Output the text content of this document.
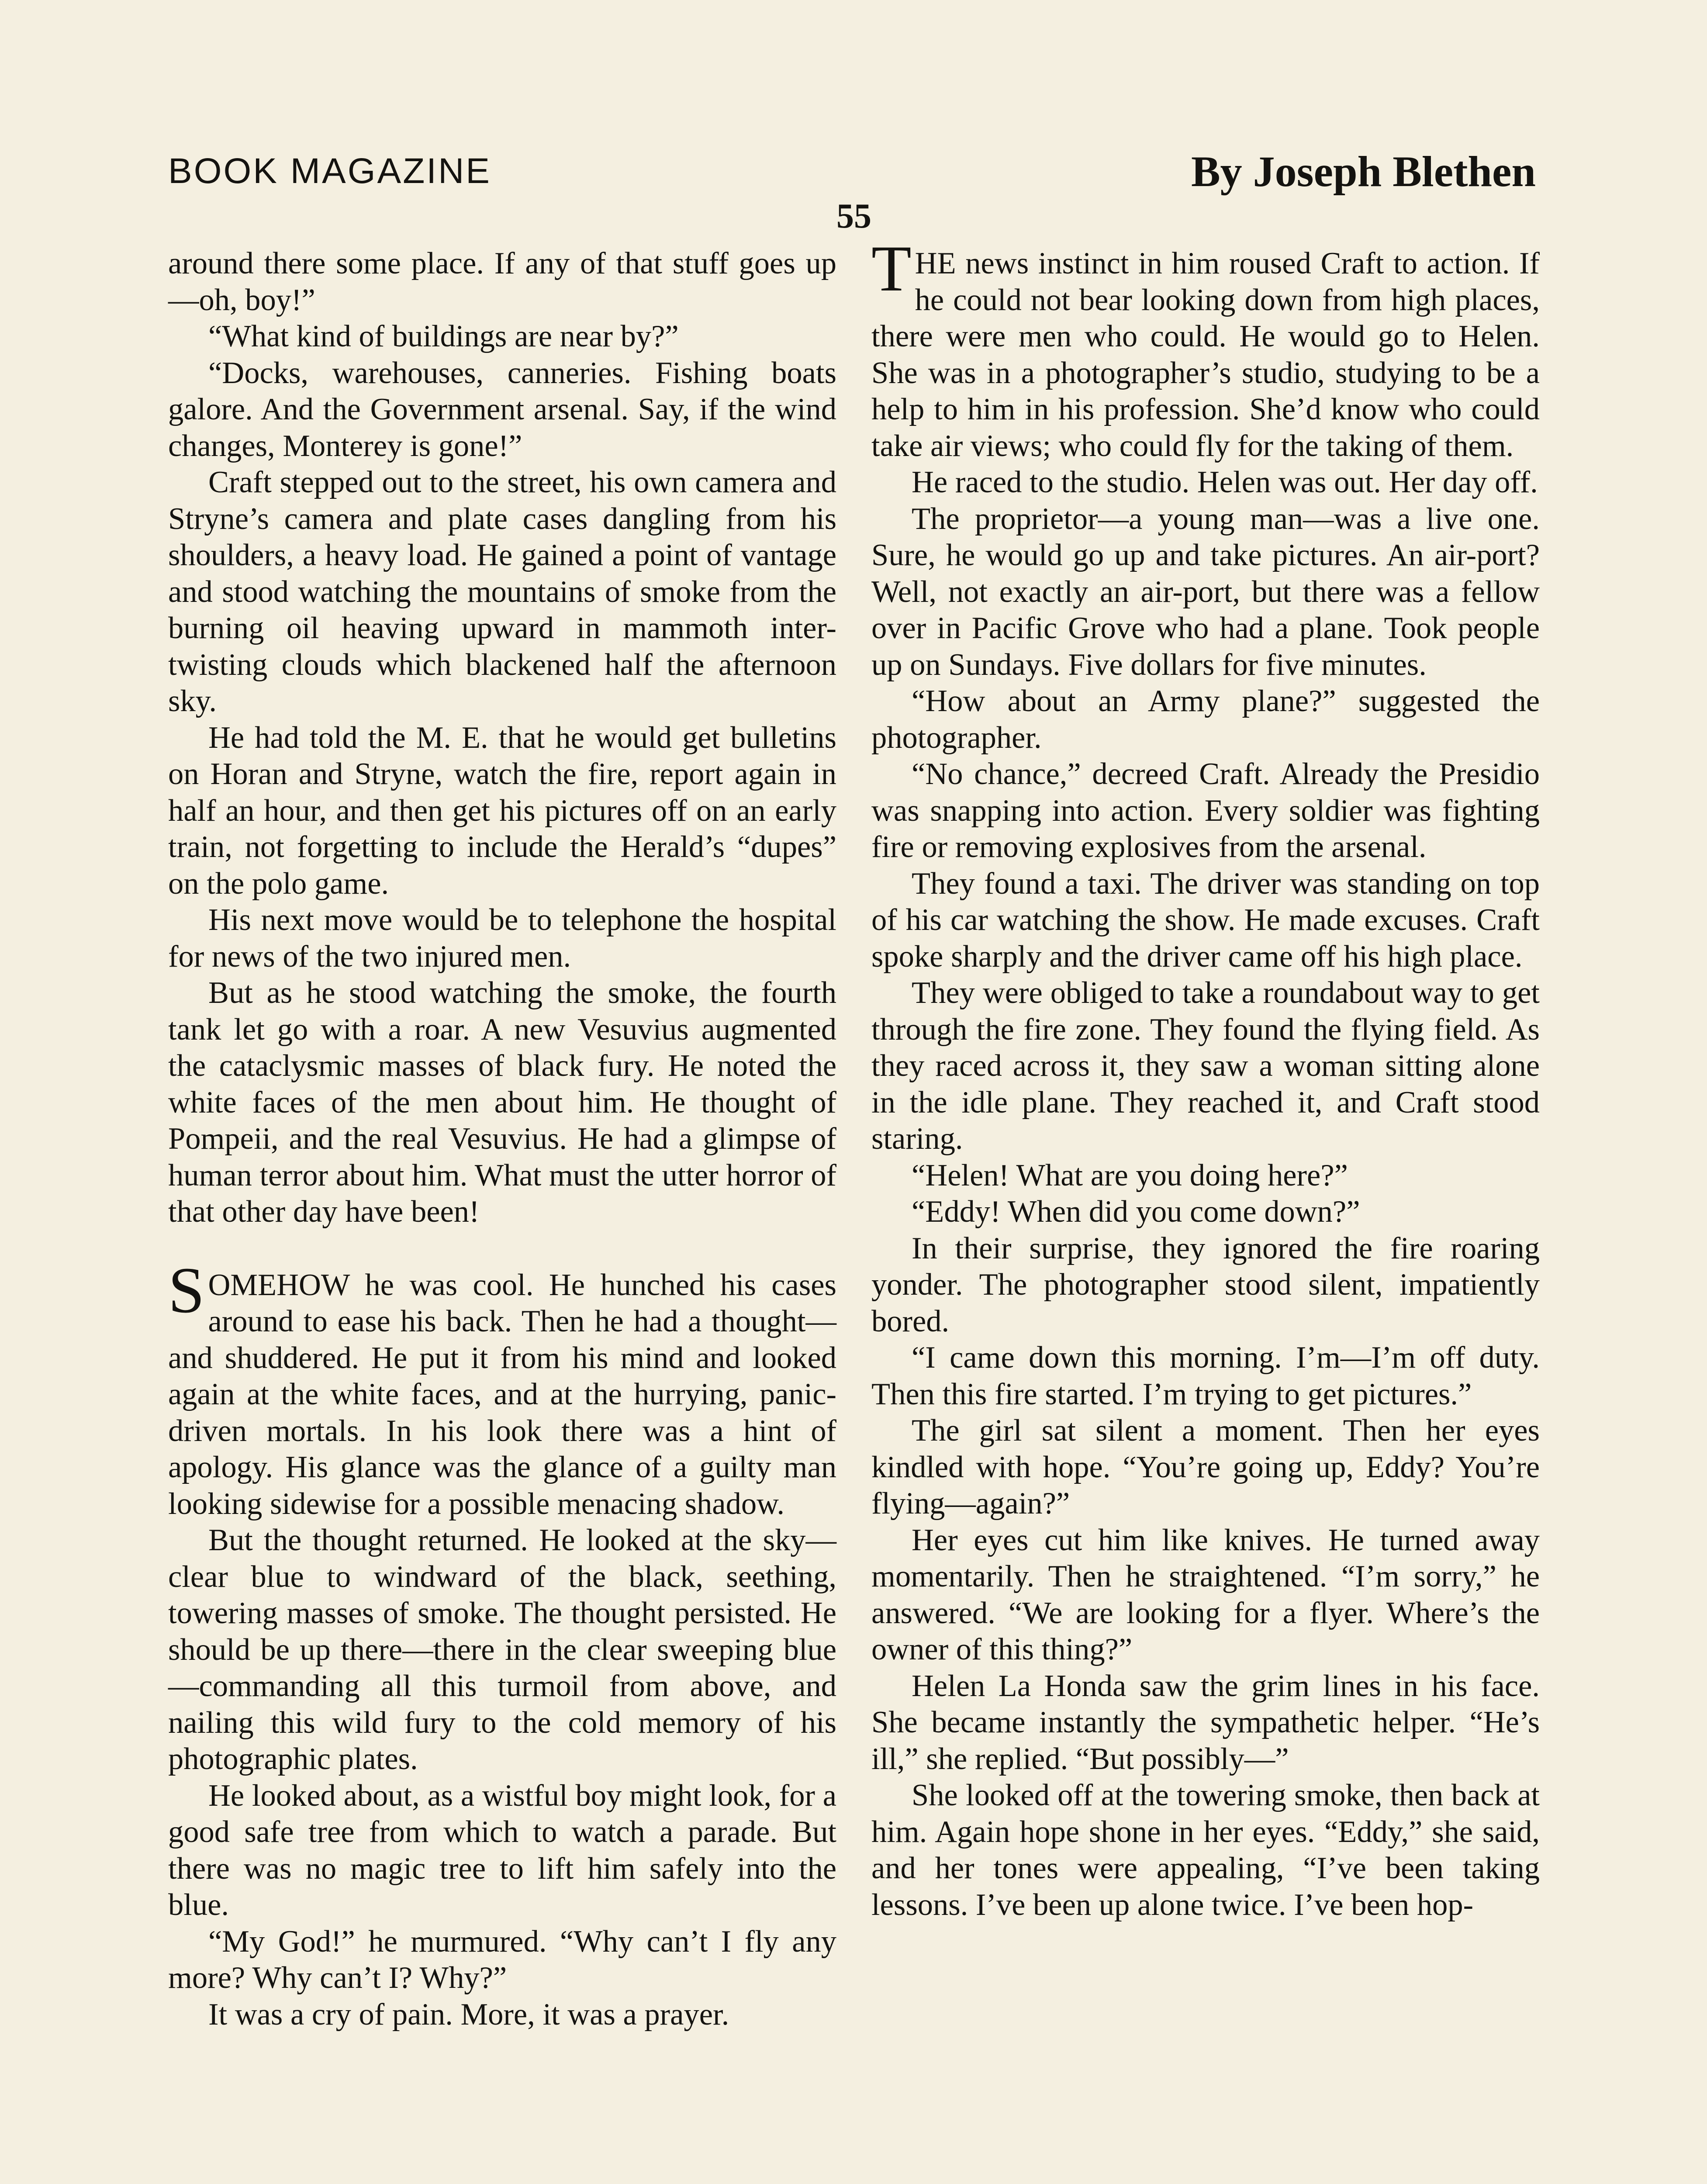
BOOK MAGAZINE	By Joseph Blethen
55

around there some place. If any of that stuff goes up—oh, boy!”

“What kind of buildings are near by?”

“Docks, warehouses, canneries. Fishing boats galore. And the Government arsenal. Say, if the wind changes, Monterey is gone!”

Craft stepped out to the street, his own camera and Stryne’s camera and plate cases dangling from his shoulders, a heavy load. He gained a point of vantage and stood watching the mountains of smoke from the burning oil heaving upward in mammoth inter-twisting clouds which blackened half the afternoon sky.

He had told the M. E. that he would get bulletins on Horan and Stryne, watch the fire, report again in half an hour, and then get his pictures off on an early train, not forgetting to include the Herald’s “dupes” on the polo game.

His next move would be to telephone the hospital for news of the two injured men.

But as he stood watching the smoke, the fourth tank let go with a roar. A new Vesuvius augmented the cataclysmic masses of black fury. He noted the white faces of the men about him. He thought of Pompeii, and the real Vesuvius. He had a glimpse of human terror about him. What must the utter horror of that other day have been!

SOMEHOW he was cool. He hunched his cases around to ease his back. Then he had a thought—and shuddered. He put it from his mind and looked again at the white faces, and at the hurrying, panic-driven mortals. In his look there was a hint of apology. His glance was the glance of a guilty man looking sidewise for a possible menacing shadow.

But the thought returned. He looked at the sky—clear blue to windward of the black, seething, towering masses of smoke. The thought persisted. He should be up there—there in the clear sweeping blue—commanding all this turmoil from above, and nailing this wild fury to the cold memory of his photographic plates.

He looked about, as a wistful boy might look, for a good safe tree from which to watch a parade. But there was no magic tree to lift him safely into the blue.

“My God!” he murmured. “Why can’t I fly any more? Why can’t I? Why?”

It was a cry of pain. More, it was a prayer.

THE news instinct in him roused Craft to action. If he could not bear looking down from high places, there were men who could. He would go to Helen. She was in a photographer’s studio, studying to be a help to him in his profession. She’d know who could take air views; who could fly for the taking of them.

He raced to the studio. Helen was out. Her day off.

The proprietor—a young man—was a live one. Sure, he would go up and take pictures. An air-port? Well, not exactly an air-port, but there was a fellow over in Pacific Grove who had a plane. Took people up on Sundays. Five dollars for five minutes.

“How about an Army plane?” suggested the photographer.

“No chance,” decreed Craft. Already the Presidio was snapping into action. Every soldier was fighting fire or removing explosives from the arsenal.

They found a taxi. The driver was standing on top of his car watching the show. He made excuses. Craft spoke sharply and the driver came off his high place.

They were obliged to take a roundabout way to get through the fire zone. They found the flying field. As they raced across it, they saw a woman sitting alone in the idle plane. They reached it, and Craft stood staring.

“Helen! What are you doing here?”

“Eddy! When did you come down?”

In their surprise, they ignored the fire roaring yonder. The photographer stood silent, impatiently bored.

“I came down this morning. I’m—I’m off duty. Then this fire started. I’m trying to get pictures.”

The girl sat silent a moment. Then her eyes kindled with hope. “You’re going up, Eddy? You’re flying—again?”

Her eyes cut him like knives. He turned away momentarily. Then he straightened. “I’m sorry,” he answered. “We are looking for a flyer. Where’s the owner of this thing?”

Helen La Honda saw the grim lines in his face. She became instantly the sympathetic helper. “He’s ill,” she replied. “But possibly—”

She looked off at the towering smoke, then back at him. Again hope shone in her eyes. “Eddy,” she said, and her tones were appealing, “I’ve been taking lessons. I’ve been up alone twice. I’ve been hop-
